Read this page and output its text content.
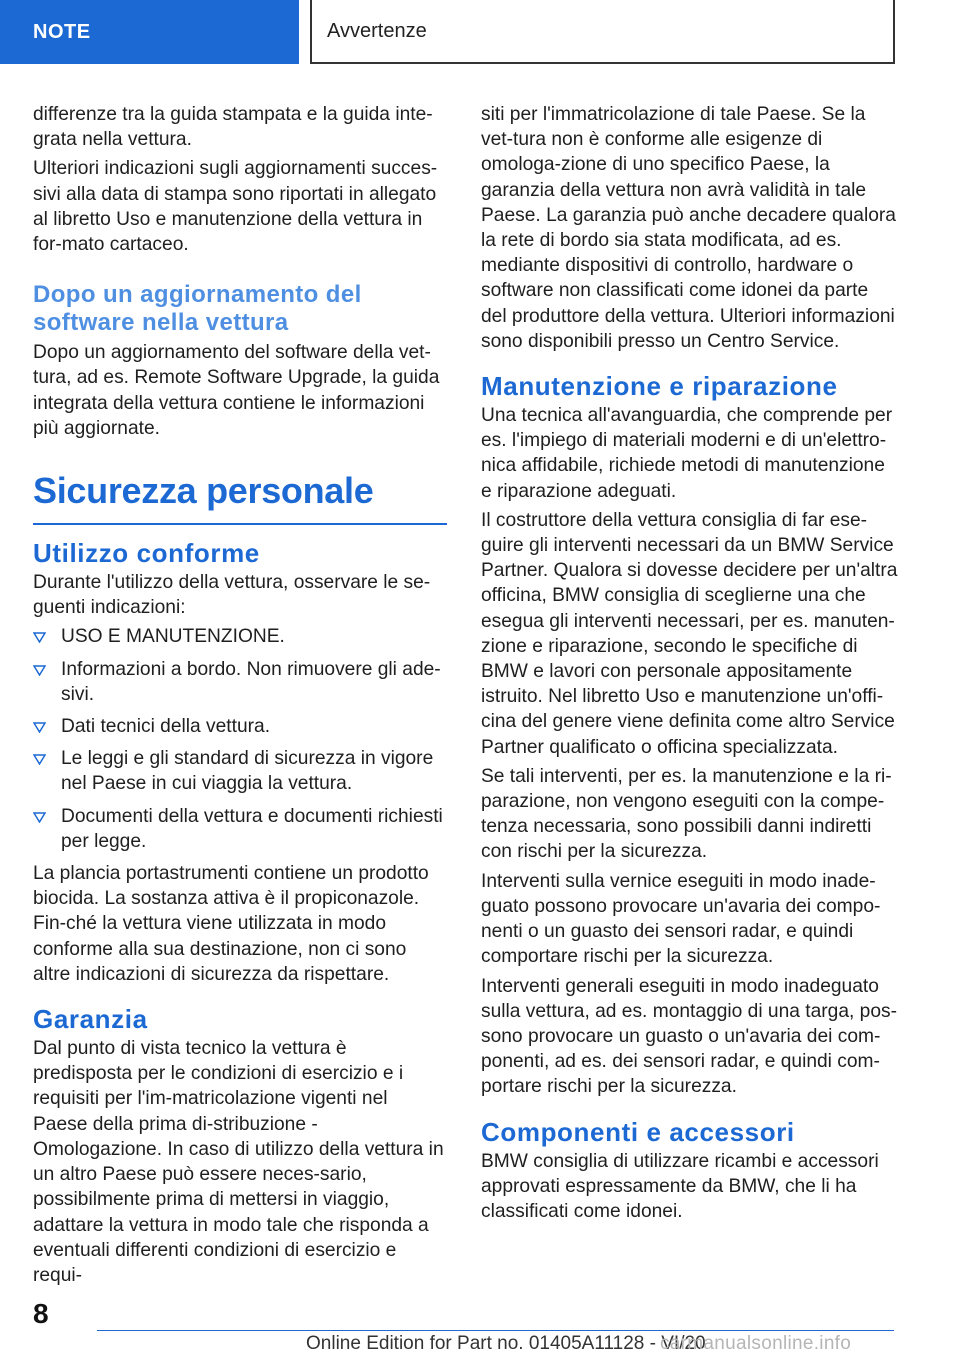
NOTE	Avvertenze

differenze tra la guida stampata e la guida inte-grata nella vettura.

Ulteriori indicazioni sugli aggiornamenti succes-sivi alla data di stampa sono riportati in allegato al libretto Uso e manutenzione della vettura in for-mato cartaceo.

Dopo un aggiornamento del software nella vettura

Dopo un aggiornamento del software della vet-tura, ad es. Remote Software Upgrade, la guida integrata della vettura contiene le informazioni più aggiornate.

Sicurezza personale
Utilizzo conforme

Durante l'utilizzo della vettura, osservare le se-guenti indicazioni:

USO E MANUTENZIONE.
Informazioni a bordo. Non rimuovere gli ade-sivi.
Dati tecnici della vettura.
Le leggi e gli standard di sicurezza in vigore nel Paese in cui viaggia la vettura.
Documenti della vettura e documenti richiesti per legge.

La plancia portastrumenti contiene un prodotto biocida. La sostanza attiva è il propiconazole. Fin-ché la vettura viene utilizzata in modo conforme alla sua destinazione, non ci sono altre indicazioni di sicurezza da rispettare.

Garanzia

Dal punto di vista tecnico la vettura è predisposta per le condizioni di esercizio e i requisiti per l'im-matricolazione vigenti nel Paese della prima di-stribuzione - Omologazione. In caso di utilizzo della vettura in un altro Paese può essere neces-sario, possibilmente prima di mettersi in viaggio, adattare la vettura in modo tale che risponda a eventuali differenti condizioni di esercizio e requi-

siti per l'immatricolazione di tale Paese. Se la vet-tura non è conforme alle esigenze di omologa-zione di uno specifico Paese, la garanzia della vettura non avrà validità in tale Paese. La garanzia può anche decadere qualora la rete di bordo sia stata modificata, ad es. mediante dispositivi di controllo, hardware o software non classificati come idonei da parte del produttore della vettura. Ulteriori informazioni sono disponibili presso un Centro Service.

Manutenzione e riparazione

Una tecnica all'avanguardia, che comprende per es. l'impiego di materiali moderni e di un'elettro-nica affidabile, richiede metodi di manutenzione e riparazione adeguati.

Il costruttore della vettura consiglia di far ese-guire gli interventi necessari da un BMW Service Partner. Qualora si dovesse decidere per un'altra officina, BMW consiglia di sceglierne una che esegua gli interventi necessari, per es. manuten-zione e riparazione, secondo le specifiche di BMW e lavori con personale appositamente istruito. Nel libretto Uso e manutenzione un'offi-cina del genere viene definita come altro Service Partner qualificato o officina specializzata.

Se tali interventi, per es. la manutenzione e la ri-parazione, non vengono eseguiti con la compe-tenza necessaria, sono possibili danni indiretti con rischi per la sicurezza.

Interventi sulla vernice eseguiti in modo inade-guato possono provocare un'avaria dei compo-nenti o un guasto dei sensori radar, e quindi comportare rischi per la sicurezza.

Interventi generali eseguiti in modo inadeguato sulla vettura, ad es. montaggio di una targa, pos-sono provocare un guasto o un'avaria dei com-ponenti, ad es. dei sensori radar, e quindi com-portare rischi per la sicurezza.

Componenti e accessori

BMW consiglia di utilizzare ricambi e accessori approvati espressamente da BMW, che li ha classificati come idonei.

8
Online Edition for Part no. 01405A11128 - VI/20
carmanualsonline.info
